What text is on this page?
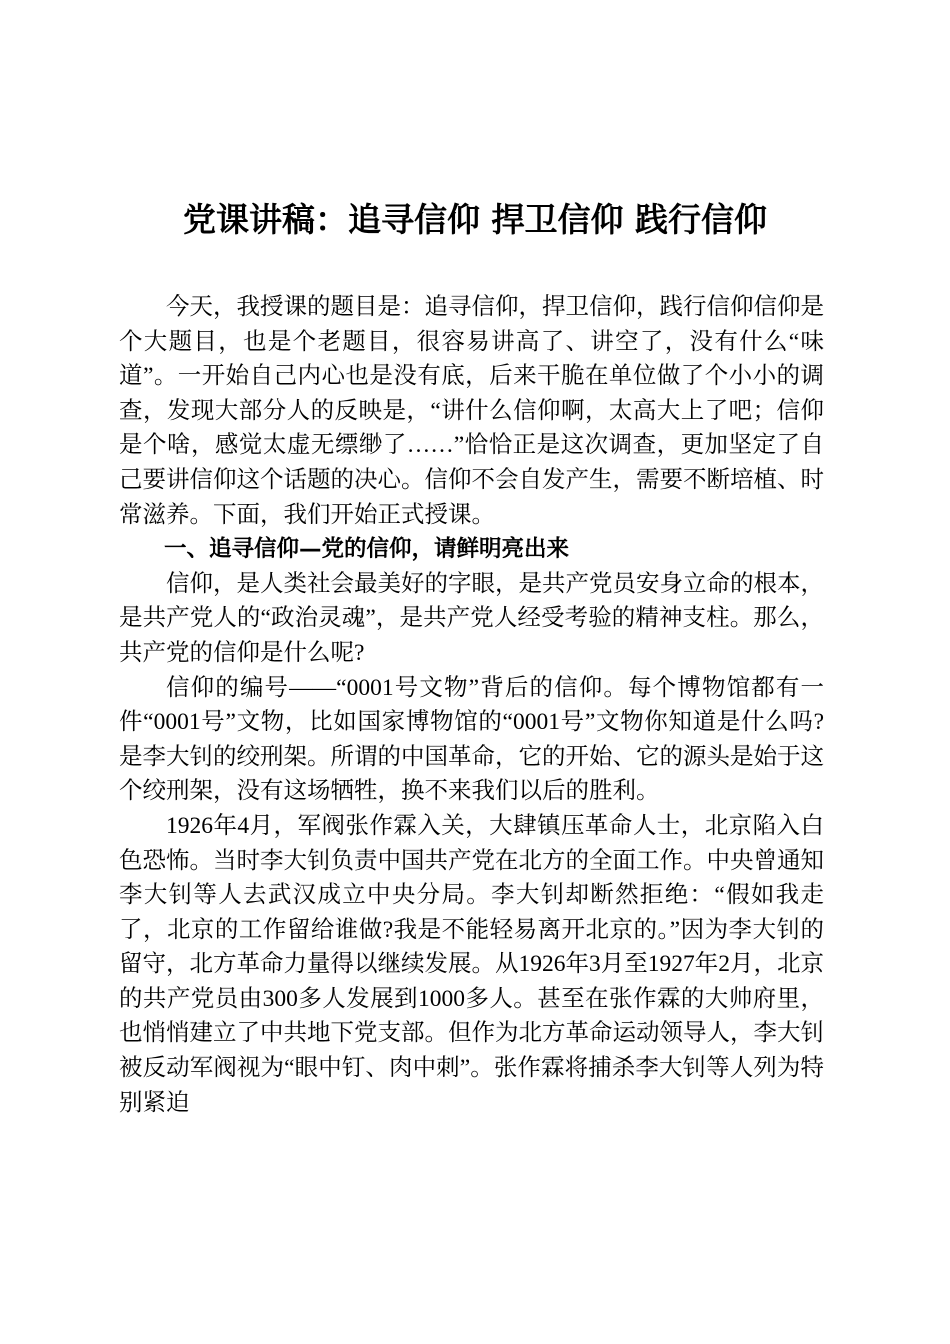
党课讲稿：追寻信仰 捍卫信仰 践行信仰

今天，我授课的题目是：追寻信仰，捍卫信仰，践行信仰信仰是个大题目，也是个老题目，很容易讲高了、讲空了，没有什么“味道”。一开始自己内心也是没有底，后来干脆在单位做了个小小的调查，发现大部分人的反映是，“讲什么信仰啊，太高大上了吧；信仰是个啥，感觉太虚无缥缈了……”恰恰正是这次调查，更加坚定了自己要讲信仰这个话题的决心。信仰不会自发产生，需要不断培植、时常滋养。下面，我们开始正式授课。

一、追寻信仰—党的信仰，请鲜明亮出来

信仰，是人类社会最美好的字眼，是共产党员安身立命的根本，是共产党人的“政治灵魂”，是共产党人经受考验的精神支柱。那么，共产党的信仰是什么呢?

信仰的编号——“0001号文物”背后的信仰。每个博物馆都有一件“0001号”文物，比如国家博物馆的“0001号”文物你知道是什么吗?是李大钊的绞刑架。所谓的中国革命，它的开始、它的源头是始于这个绞刑架，没有这场牺牲，换不来我们以后的胜利。

1926年4月，军阀张作霖入关，大肆镇压革命人士，北京陷入白色恐怖。当时李大钊负责中国共产党在北方的全面工作。中央曾通知李大钊等人去武汉成立中央分局。李大钊却断然拒绝：“假如我走了，北京的工作留给谁做?我是不能轻易离开北京的。”因为李大钊的留守，北方革命力量得以继续发展。从1926年3月至1927年2月，北京的共产党员由300多人发展到1000多人。甚至在张作霖的大帅府里，也悄悄建立了中共地下党支部。但作为北方革命运动领导人，李大钊被反动军阀视为“眼中钉、肉中刺”。张作霖将捕杀李大钊等人列为特别紧迫
